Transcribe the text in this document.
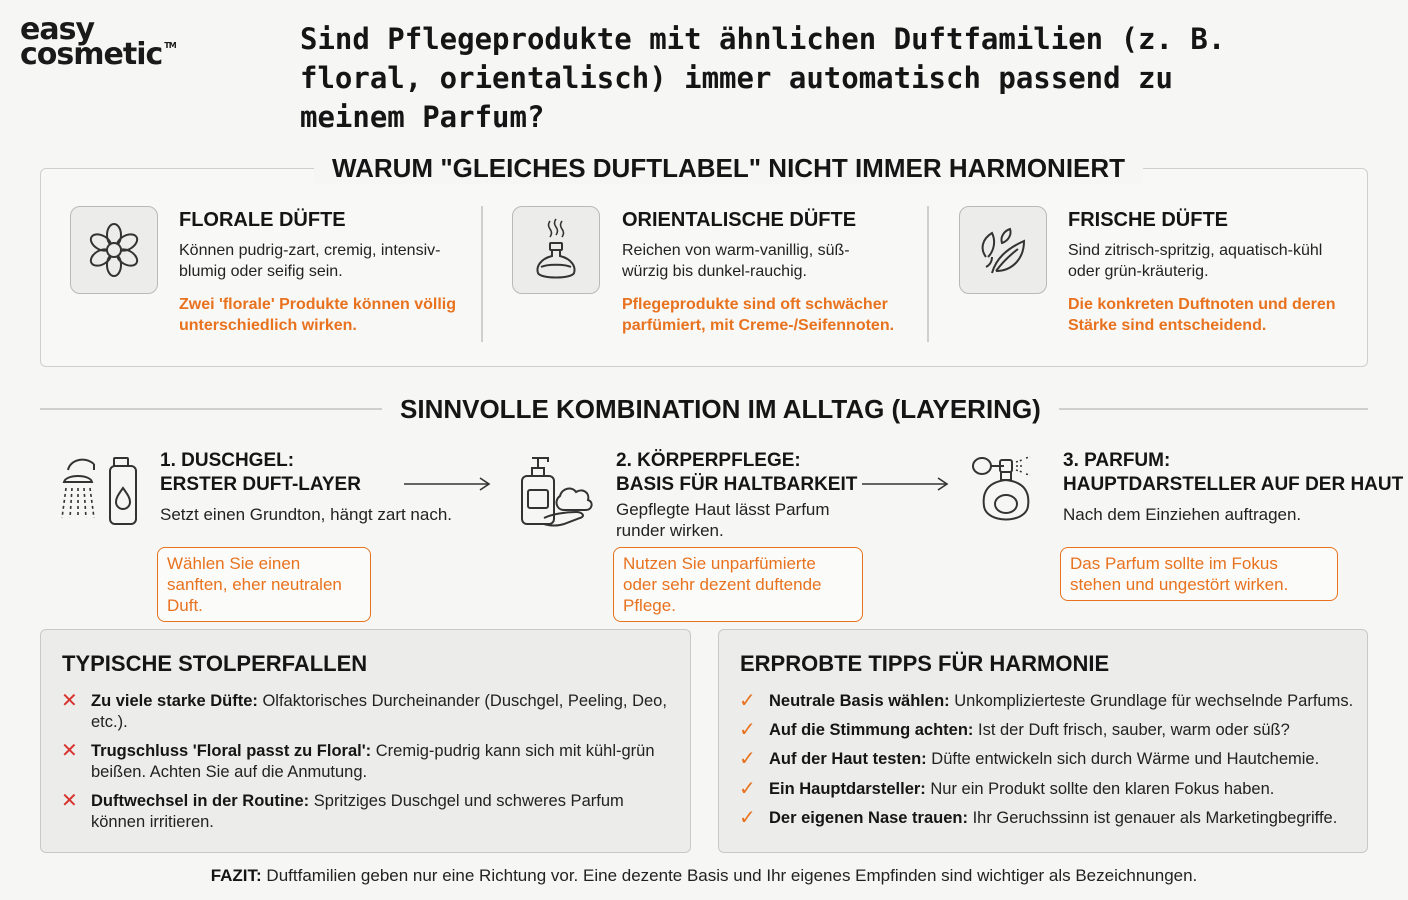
easy
cosmetic ™	Sind Pflegeprodukte mit ähnlichen Duftfamilien (z. B. floral, orientalisch) immer automatisch passend zu meinem Parfum?
WARUM "GLEICHES DUFTLABEL" NICHT IMMER HARMONIERT
FLORALE DÜFTE
Können pudrig-zart, cremig, intensiv-blumig oder seifig sein.
Zwei 'florale' Produkte können völlig unterschiedlich wirken.
ORIENTALISCHE DÜFTE
Reichen von warm-vanillig, süß-würzig bis dunkel-rauchig.
Pflegeprodukte sind oft schwächer parfümiert, mit Creme-/Seifennoten.
FRISCHE DÜFTE
Sind zitrisch-spritzig, aquatisch-kühl oder grün-kräuterig.
Die konkreten Duftnoten und deren Stärke sind entscheidend.
SINNVOLLE KOMBINATION IM ALLTAG (LAYERING)
1. DUSCHGEL:
ERSTER DUFT-LAYER
Setzt einen Grundton, hängt zart nach.
Wählen Sie einen sanften, eher neutralen Duft.
2. KÖRPERPFLEGE:
BASIS FÜR HALTBARKEIT
Gepflegte Haut lässt Parfum runder wirken.
Nutzen Sie unparfümierte oder sehr dezent duftende Pflege.
3. PARFUM:
HAUPTDARSTELLER AUF DER HAUT
Nach dem Einziehen auftragen.
Das Parfum sollte im Fokus stehen und ungestört wirken.
TYPISCHE STOLPERFALLEN
✕ Zu viele starke Düfte: Olfaktorisches Durcheinander (Duschgel, Peeling, Deo, etc.).
✕ Trugschluss 'Floral passt zu Floral': Cremig-pudrig kann sich mit kühl-grün beißen. Achten Sie auf die Anmutung.
✕ Duftwechsel in der Routine: Spritziges Duschgel und schweres Parfum können irritieren.
ERPROBTE TIPPS FÜR HARMONIE
✓ Neutrale Basis wählen: Unkomplizierteste Grundlage für wechselnde Parfums.
✓ Auf die Stimmung achten: Ist der Duft frisch, sauber, warm oder süß?
✓ Auf der Haut testen: Düfte entwickeln sich durch Wärme und Hautchemie.
✓ Ein Hauptdarsteller: Nur ein Produkt sollte den klaren Fokus haben.
✓ Der eigenen Nase trauen: Ihr Geruchssinn ist genauer als Marketingbegriffe.
FAZIT: Duftfamilien geben nur eine Richtung vor. Eine dezente Basis und Ihr eigenes Empfinden sind wichtiger als Bezeichnungen.
